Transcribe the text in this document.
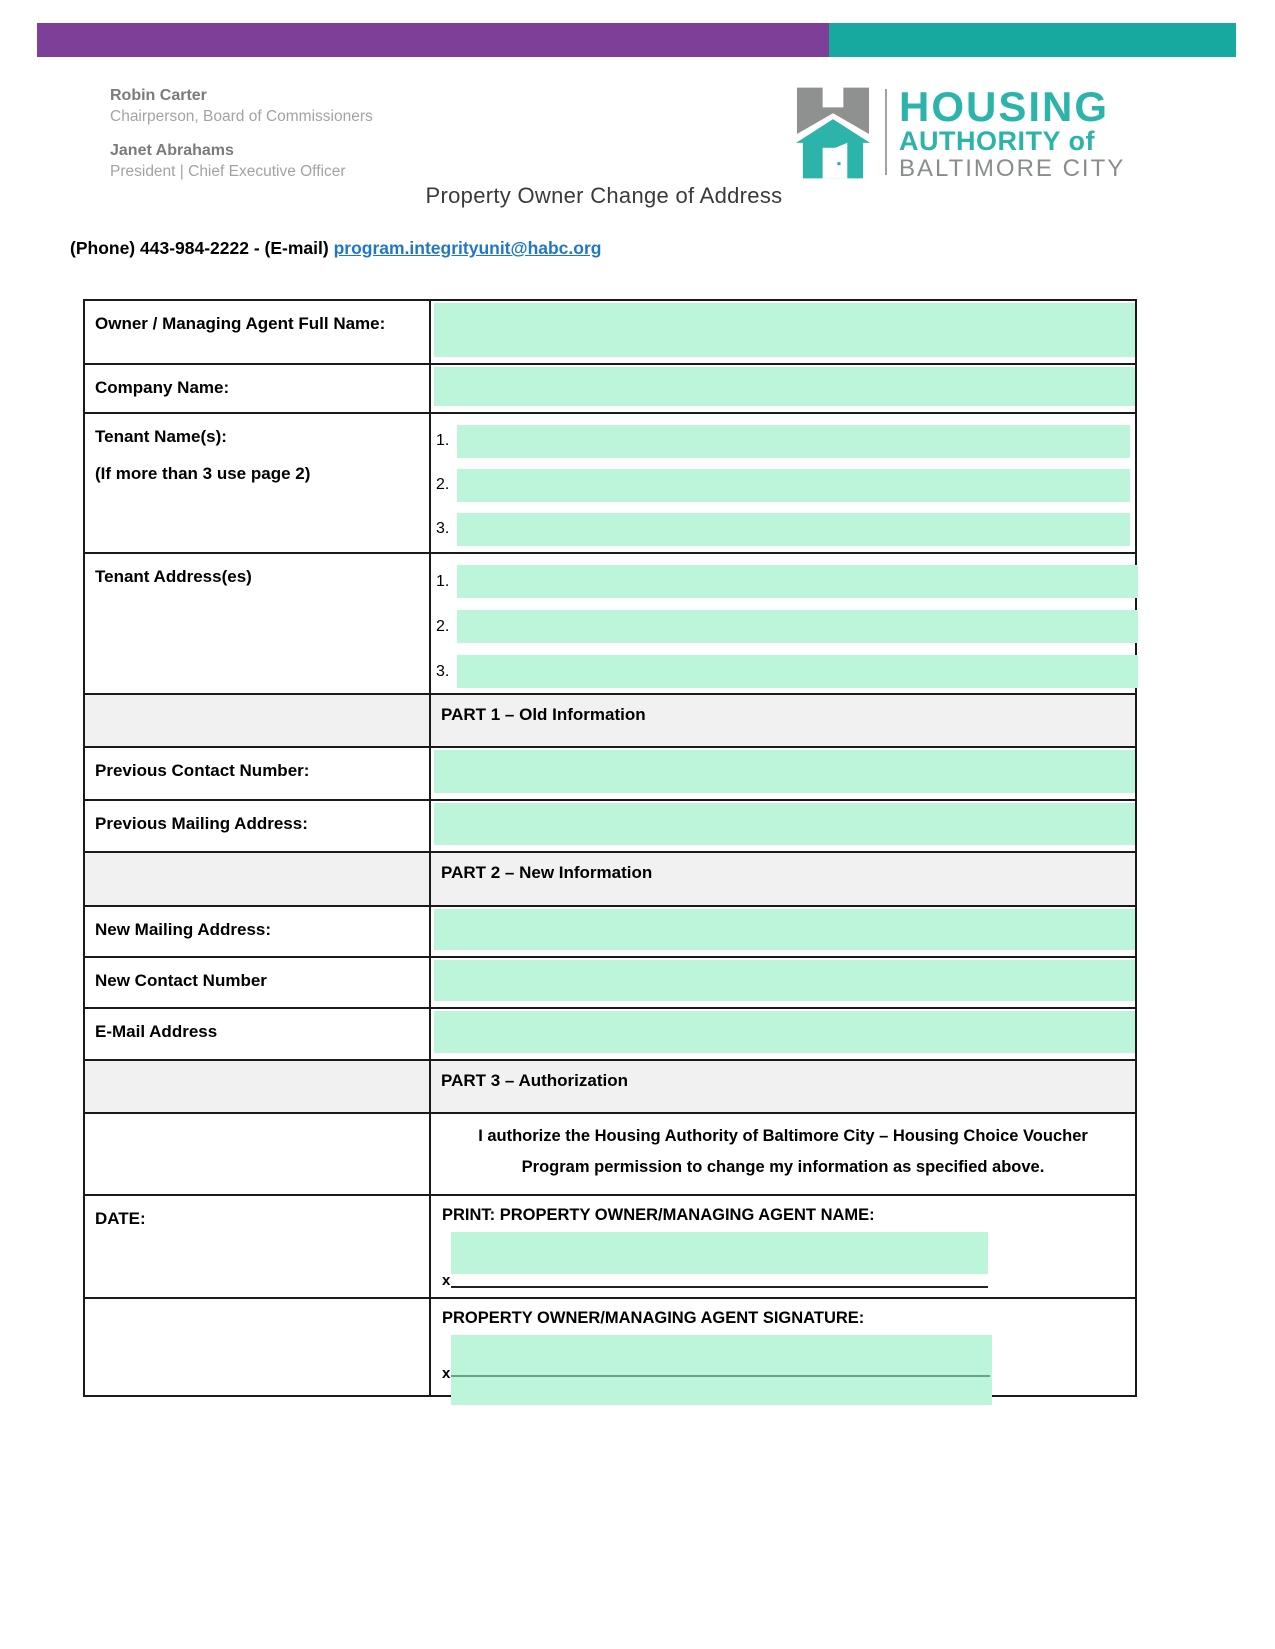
Robin Carter
Chairperson, Board of Commissioners
Janet Abrahams
President | Chief Executive Officer
HOUSING
AUTHORITY of
BALTIMORE CITY
Property Owner Change of Address
(Phone) 443-984-2222 - (E-mail) program.integrityunit@habc.org
Owner / Managing Agent Full Name:
Company Name:
Tenant Name(s):
(If more than 3 use page 2)
1.
2.
3.
Tenant Address(es)	1.
2.
3.
PART 1 – Old Information
Previous Contact Number:
Previous Mailing Address:
PART 2 – New Information
New Mailing Address:
New Contact Number
E-Mail Address
PART 3 – Authorization
I authorize the Housing Authority of Baltimore City – Housing Choice Voucher
Program permission to change my information as specified above.
DATE:	PRINT: PROPERTY OWNER/MANAGING AGENT NAME:
x
PROPERTY OWNER/MANAGING AGENT SIGNATURE:
x
